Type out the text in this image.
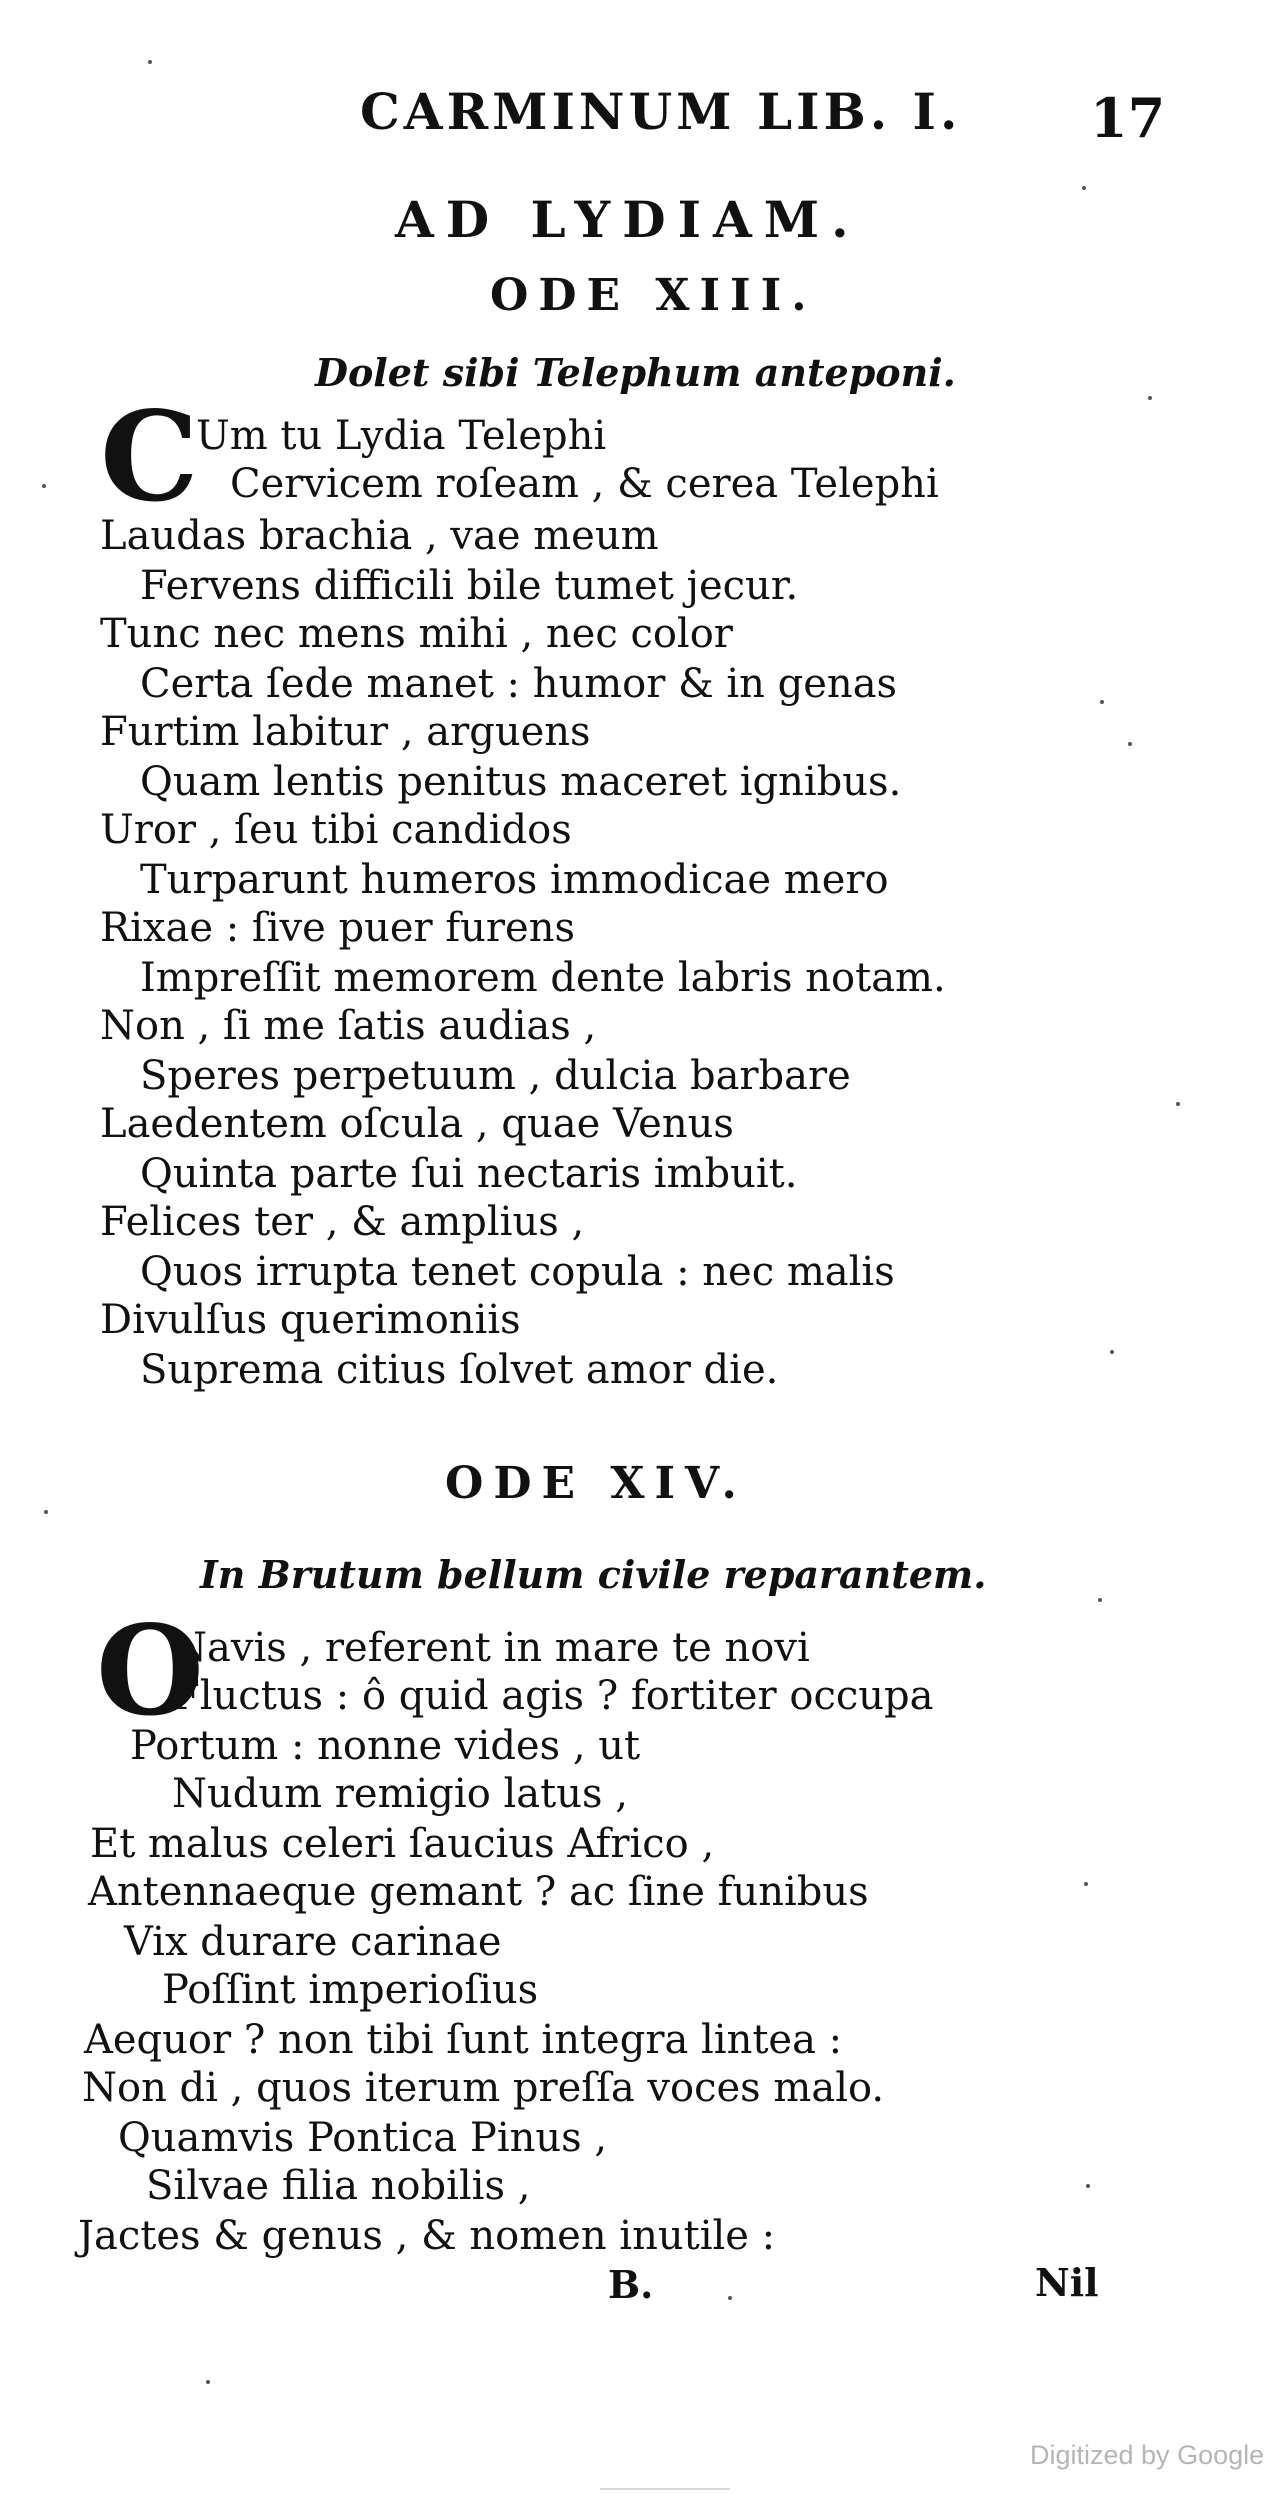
CARMINUM LIB. I. 17
AD LYDIAM.
ODE XIII.
Dolet sibi Telephum anteponi.
C
Um tu Lydia Telephi
Cervicem roſeam , & cerea Telephi
Laudas brachia , vae meum
Fervens difficili bile tumet jecur.
Tunc nec mens mihi , nec color
Certa ſede manet : humor & in genas
Furtim labitur , arguens
Quam lentis penitus maceret ignibus.
Uror , ſeu tibi candidos
Turparunt humeros immodicae mero
Rixae : ſive puer furens
Impreſſit memorem dente labris notam.
Non , ſi me ſatis audias ,
Speres perpetuum , dulcia barbare
Laedentem oſcula , quae Venus
Quinta parte ſui nectaris imbuit.
Felices ter , & amplius ,
Quos irrupta tenet copula : nec malis
Divulſus querimoniis
Suprema citius ſolvet amor die.
ODE XIV.
In Brutum bellum civile reparantem.
O
Navis , referent in mare te novi
Fluctus : ô quid agis ? fortiter occupa
Portum : nonne vides , ut
Nudum remigio latus ,
Et malus celeri ſaucius Africo ,
Antennaeque gemant ? ac ſine funibus
Vix durare carinae
Poſſint imperioſius
Aequor ? non tibi ſunt integra lintea :
Non di , quos iterum preſſa voces malo.
Quamvis Pontica Pinus ,
Silvae filia nobilis ,
Jactes & genus , & nomen inutile :
B.	Nil
Digitized by Google
